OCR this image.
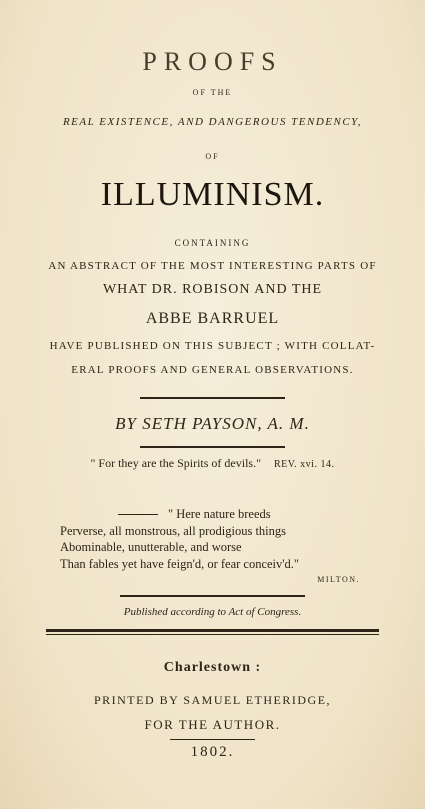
PROOFS
OF THE
REAL EXISTENCE, AND DANGEROUS TENDENCY,
OF
ILLUMINISM.
CONTAINING
AN ABSTRACT OF THE MOST INTERESTING PARTS OF
WHAT DR. ROBISON AND THE
ABBE BARRUEL
HAVE PUBLISHED ON THIS SUBJECT ; WITH COLLAT-
ERAL PROOFS AND GENERAL OBSERVATIONS.
BY SETH PAYSON, A. M.
" For they are the Spirits of devils." REV. xvi. 14.
" Here nature breeds
Perverse, all monstrous, all prodigious things
Abominable, unutterable, and worse
Than fables yet have feign'd, or fear conceiv'd."
MILTON.
Published according to Act of Congress.
Charlestown :
PRINTED BY SAMUEL ETHERIDGE,
FOR THE AUTHOR.
1802.
